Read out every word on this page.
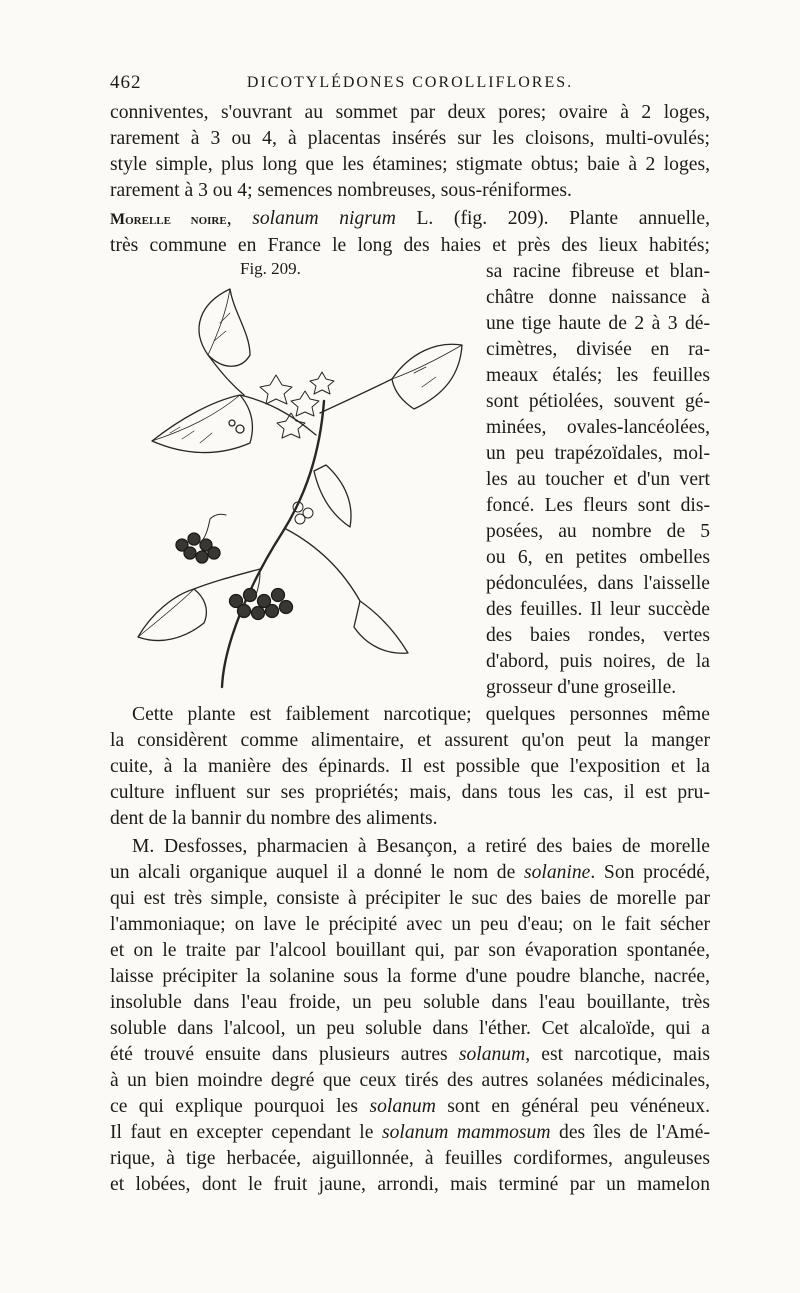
462	DICOTYLÉDONES COROLLIFLORES.
conniventes, s'ouvrant au sommet par deux pores; ovaire à 2 loges,
rarement à 3 ou 4, à placentas insérés sur les cloisons, multi-ovulés;
style simple, plus long que les étamines; stigmate obtus; baie à 2 loges,
rarement à 3 ou 4; semences nombreuses, sous-réniformes.
Morelle noire, solanum nigrum L. (fig. 209). Plante annuelle,
très commune en France le long des haies et près des lieux habités;
Fig. 209.	sa racine fibreuse et blan-
châtre donne naissance à
une tige haute de 2 à 3 dé-
cimètres, divisée en ra-
meaux étalés; les feuilles
sont pétiolées, souvent gé-
minées, ovales-lancéolées,
un peu trapézoïdales, mol-
les au toucher et d'un vert
foncé. Les fleurs sont dis-
posées, au nombre de 5
ou 6, en petites ombelles
pédonculées, dans l'aisselle
des feuilles. Il leur succède
des baies rondes, vertes
d'abord, puis noires, de la
grosseur d'une groseille.
Cette plante est faiblement narcotique; quelques personnes même
la considèrent comme alimentaire, et assurent qu'on peut la manger
cuite, à la manière des épinards. Il est possible que l'exposition et la
culture influent sur ses propriétés; mais, dans tous les cas, il est pru-
dent de la bannir du nombre des aliments.
M. Desfosses, pharmacien à Besançon, a retiré des baies de morelle
un alcali organique auquel il a donné le nom de solanine. Son procédé,
qui est très simple, consiste à précipiter le suc des baies de morelle par
l'ammoniaque; on lave le précipité avec un peu d'eau; on le fait sécher
et on le traite par l'alcool bouillant qui, par son évaporation spontanée,
laisse précipiter la solanine sous la forme d'une poudre blanche, nacrée,
insoluble dans l'eau froide, un peu soluble dans l'eau bouillante, très
soluble dans l'alcool, un peu soluble dans l'éther. Cet alcaloïde, qui a
été trouvé ensuite dans plusieurs autres solanum, est narcotique, mais
à un bien moindre degré que ceux tirés des autres solanées médicinales,
ce qui explique pourquoi les solanum sont en général peu vénéneux.
Il faut en excepter cependant le solanum mammosum des îles de l'Amé-
rique, à tige herbacée, aiguillonnée, à feuilles cordiformes, anguleuses
et lobées, dont le fruit jaune, arrondi, mais terminé par un mamelon
